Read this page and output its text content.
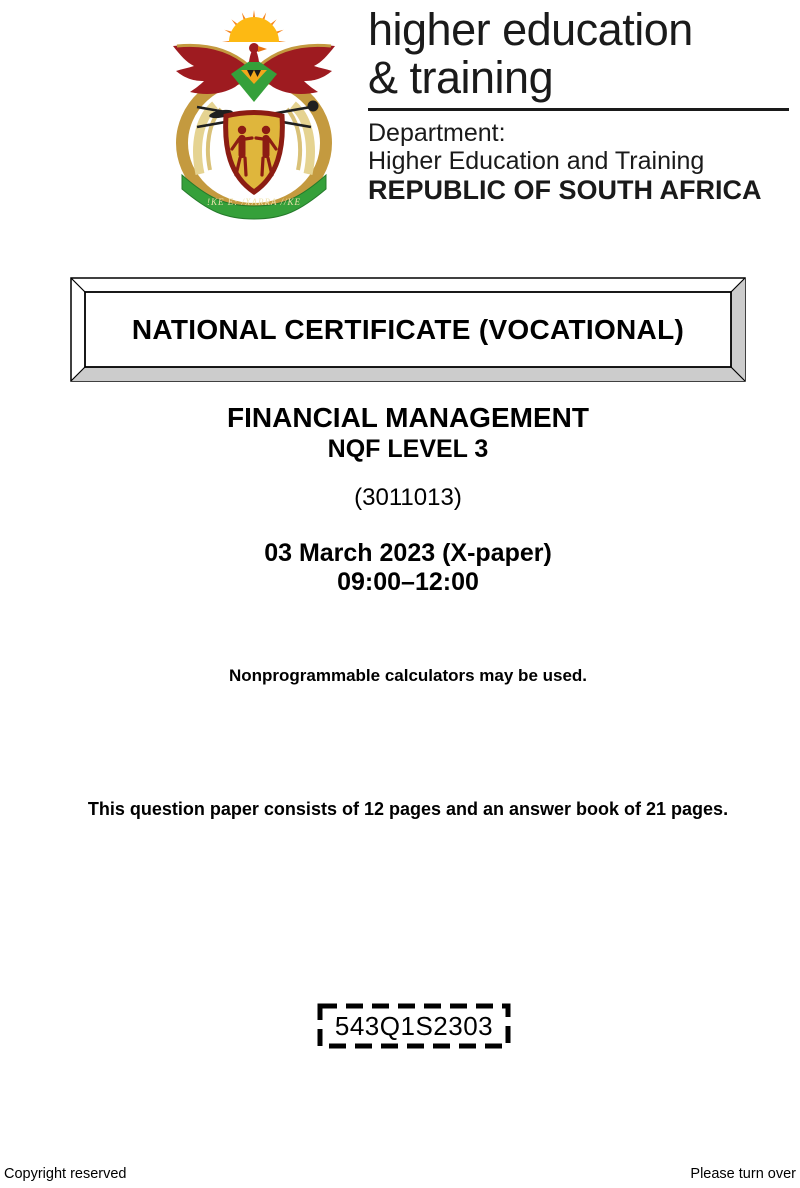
!KE E: /XARRA //KE
higher education
& training
Department:
Higher Education and Training
REPUBLIC OF SOUTH AFRICA
NATIONAL CERTIFICATE (VOCATIONAL)
FINANCIAL MANAGEMENT
NQF LEVEL 3
(3011013)
03 March 2023 (X-paper)
09:00–12:00
Nonprogrammable calculators may be used.
This question paper consists of 12 pages and an answer book of 21 pages.
543Q1S2303
Copyright reserved	Please turn over
